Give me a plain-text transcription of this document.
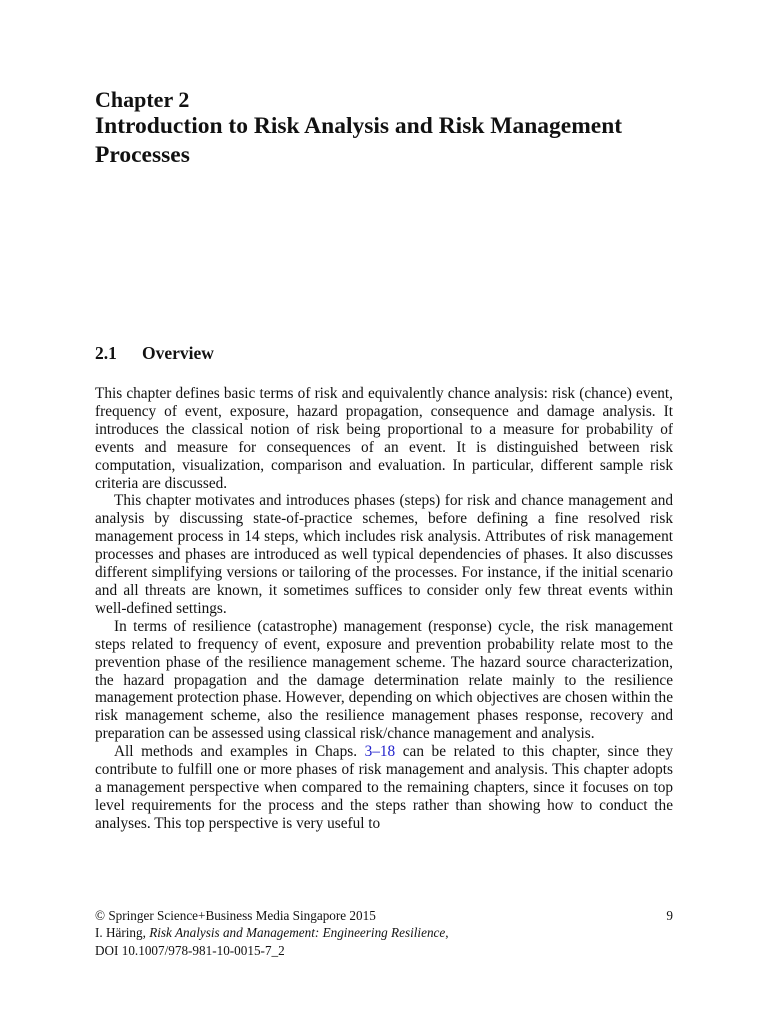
Chapter 2
Introduction to Risk Analysis and Risk Management Processes
2.1 Overview

This chapter defines basic terms of risk and equivalently chance analysis: risk (chance) event, frequency of event, exposure, hazard propagation, consequence and damage analysis. It introduces the classical notion of risk being proportional to a measure for probability of events and measure for consequences of an event. It is distinguished between risk computation, visualization, comparison and evaluation. In particular, different sample risk criteria are discussed.

This chapter motivates and introduces phases (steps) for risk and chance management and analysis by discussing state-of-practice schemes, before defining a fine resolved risk management process in 14 steps, which includes risk analysis. Attributes of risk management processes and phases are introduced as well typical dependencies of phases. It also discusses different simplifying versions or tailoring of the processes. For instance, if the initial scenario and all threats are known, it sometimes suffices to consider only few threat events within well-defined settings.

In terms of resilience (catastrophe) management (response) cycle, the risk management steps related to frequency of event, exposure and prevention probability relate most to the prevention phase of the resilience management scheme. The hazard source characterization, the hazard propagation and the damage determination relate mainly to the resilience management protection phase. However, depending on which objectives are chosen within the risk management scheme, also the resilience management phases response, recovery and preparation can be assessed using classical risk/chance management and analysis.

All methods and examples in Chaps. 3–18 can be related to this chapter, since they contribute to fulfill one or more phases of risk management and analysis. This chapter adopts a management perspective when compared to the remaining chapters, since it focuses on top level requirements for the process and the steps rather than showing how to conduct the analyses. This top perspective is very useful to

© Springer Science+Business Media Singapore 2015
I. Häring, Risk Analysis and Management: Engineering Resilience,
DOI 10.1007/978-981-10-0015-7_2
9
